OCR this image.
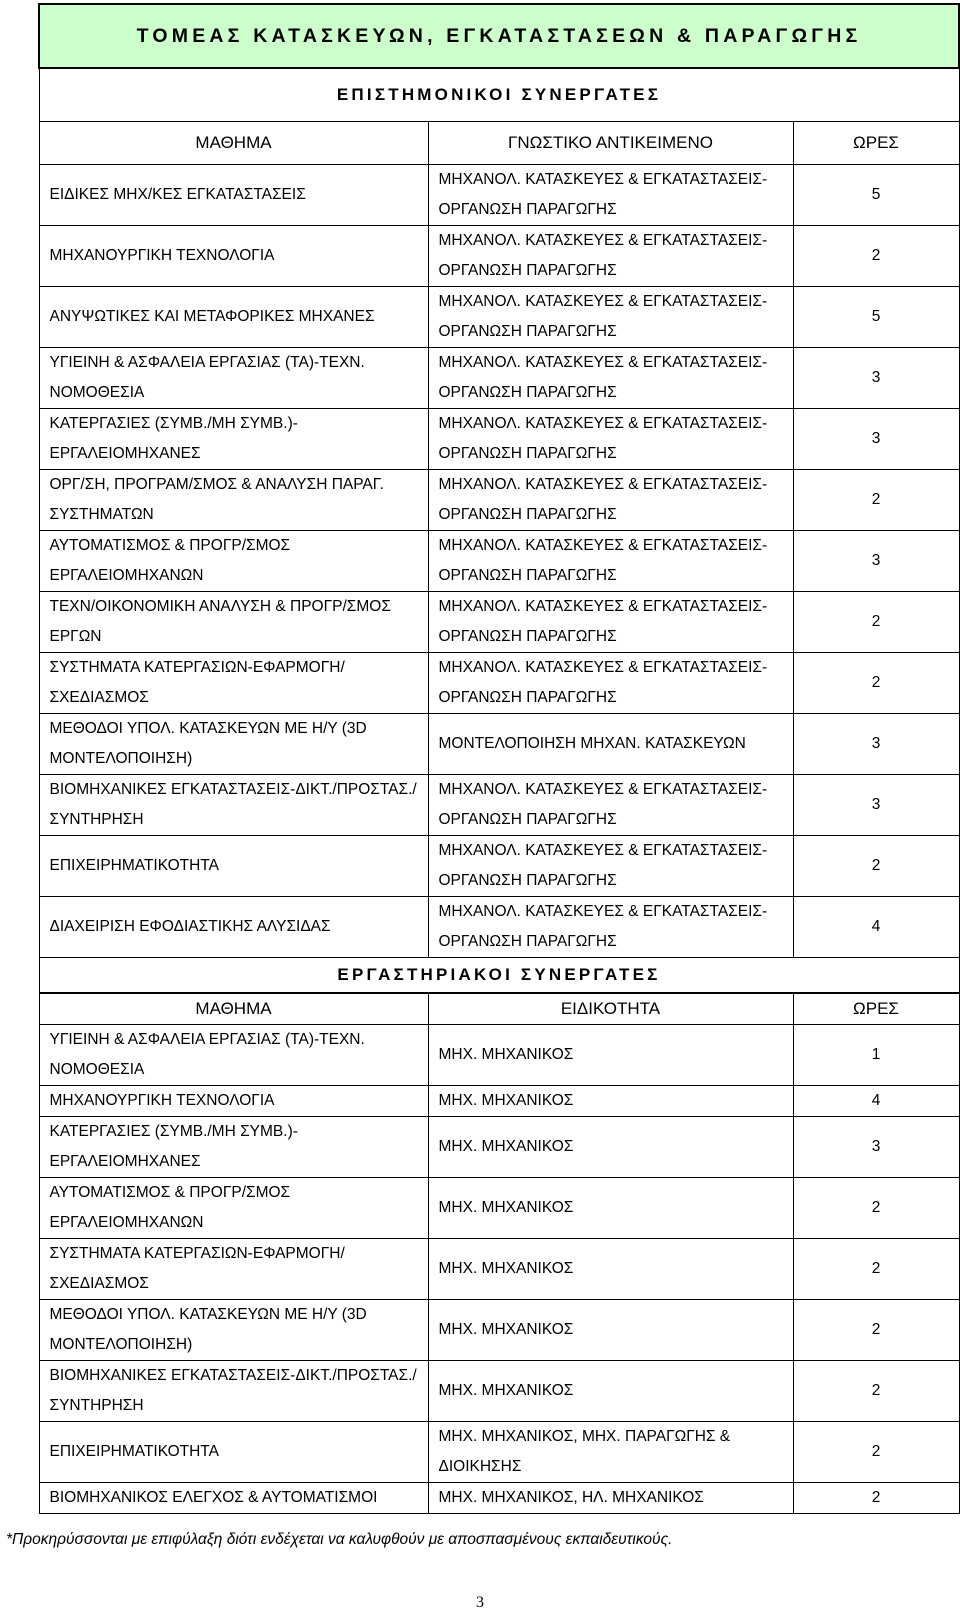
ΤΟΜΕΑΣ ΚΑΤΑΣΚΕΥΩΝ, ΕΓΚΑΤΑΣΤΑΣΕΩΝ & ΠΑΡΑΓΩΓΗΣ		
ΕΠΙΣΤΗΜΟΝΙΚΟΙ ΣΥΝΕΡΓΑΤΕΣ		
ΜΑΘΗΜΑ	ΓΝΩΣΤΙΚΟ ΑΝΤΙΚΕΙΜΕΝΟ	ΩΡΕΣ
ΕΙΔΙΚΕΣ ΜΗΧ/ΚΕΣ ΕΓΚΑΤΑΣΤΑΣΕΙΣ	ΜΗΧΑΝΟΛ. ΚΑΤΑΣΚΕΥΕΣ & ΕΓΚΑΤΑΣΤΑΣΕΙΣ-ΟΡΓΑΝΩΣΗ ΠΑΡΑΓΩΓΗΣ	5
ΜΗΧΑΝΟΥΡΓΙΚΗ ΤΕΧΝΟΛΟΓΙΑ	ΜΗΧΑΝΟΛ. ΚΑΤΑΣΚΕΥΕΣ & ΕΓΚΑΤΑΣΤΑΣΕΙΣ-ΟΡΓΑΝΩΣΗ ΠΑΡΑΓΩΓΗΣ	2
ΑΝΥΨΩΤΙΚΕΣ ΚΑΙ ΜΕΤΑΦΟΡΙΚΕΣ ΜΗΧΑΝΕΣ	ΜΗΧΑΝΟΛ. ΚΑΤΑΣΚΕΥΕΣ & ΕΓΚΑΤΑΣΤΑΣΕΙΣ-ΟΡΓΑΝΩΣΗ ΠΑΡΑΓΩΓΗΣ	5
ΥΓΙΕΙΝΗ & ΑΣΦΑΛΕΙΑ ΕΡΓΑΣΙΑΣ (ΤΑ)-ΤΕΧΝ. ΝΟΜΟΘΕΣΙΑ	ΜΗΧΑΝΟΛ. ΚΑΤΑΣΚΕΥΕΣ & ΕΓΚΑΤΑΣΤΑΣΕΙΣ-ΟΡΓΑΝΩΣΗ ΠΑΡΑΓΩΓΗΣ	3
ΚΑΤΕΡΓΑΣΙΕΣ (ΣΥΜΒ./ΜΗ ΣΥΜΒ.)-ΕΡΓΑΛΕΙΟΜΗΧΑΝΕΣ	ΜΗΧΑΝΟΛ. ΚΑΤΑΣΚΕΥΕΣ & ΕΓΚΑΤΑΣΤΑΣΕΙΣ-ΟΡΓΑΝΩΣΗ ΠΑΡΑΓΩΓΗΣ	3
ΟΡΓ/ΣΗ, ΠΡΟΓΡΑΜ/ΣΜΟΣ & ΑΝΑΛΥΣΗ ΠΑΡΑΓ. ΣΥΣΤΗΜΑΤΩΝ	ΜΗΧΑΝΟΛ. ΚΑΤΑΣΚΕΥΕΣ & ΕΓΚΑΤΑΣΤΑΣΕΙΣ-ΟΡΓΑΝΩΣΗ ΠΑΡΑΓΩΓΗΣ	2
ΑΥΤΟΜΑΤΙΣΜΟΣ & ΠΡΟΓΡ/ΣΜΟΣ ΕΡΓΑΛΕΙΟΜΗΧΑΝΩΝ	ΜΗΧΑΝΟΛ. ΚΑΤΑΣΚΕΥΕΣ & ΕΓΚΑΤΑΣΤΑΣΕΙΣ-ΟΡΓΑΝΩΣΗ ΠΑΡΑΓΩΓΗΣ	3
ΤΕΧΝ/ΟΙΚΟΝΟΜΙΚΗ ΑΝΑΛΥΣΗ & ΠΡΟΓΡ/ΣΜΟΣ ΕΡΓΩΝ	ΜΗΧΑΝΟΛ. ΚΑΤΑΣΚΕΥΕΣ & ΕΓΚΑΤΑΣΤΑΣΕΙΣ-ΟΡΓΑΝΩΣΗ ΠΑΡΑΓΩΓΗΣ	2
ΣΥΣΤΗΜΑΤΑ ΚΑΤΕΡΓΑΣΙΩΝ-ΕΦΑΡΜΟΓΗ/ΣΧΕΔΙΑΣΜΟΣ	ΜΗΧΑΝΟΛ. ΚΑΤΑΣΚΕΥΕΣ & ΕΓΚΑΤΑΣΤΑΣΕΙΣ-ΟΡΓΑΝΩΣΗ ΠΑΡΑΓΩΓΗΣ	2
ΜΕΘΟΔΟΙ ΥΠΟΛ. ΚΑΤΑΣΚΕΥΩΝ ΜΕ Η/Υ (3D ΜΟΝΤΕΛΟΠΟΙΗΣΗ)	ΜΟΝΤΕΛΟΠΟΙΗΣΗ ΜΗΧΑΝ. ΚΑΤΑΣΚΕΥΩΝ	3
ΒΙΟΜΗΧΑΝΙΚΕΣ ΕΓΚΑΤΑΣΤΑΣΕΙΣ-ΔΙΚΤ./ΠΡΟΣΤΑΣ./ΣΥΝΤΗΡΗΣΗ	ΜΗΧΑΝΟΛ. ΚΑΤΑΣΚΕΥΕΣ & ΕΓΚΑΤΑΣΤΑΣΕΙΣ-ΟΡΓΑΝΩΣΗ ΠΑΡΑΓΩΓΗΣ	3
ΕΠΙΧΕΙΡΗΜΑΤΙΚΟΤΗΤΑ	ΜΗΧΑΝΟΛ. ΚΑΤΑΣΚΕΥΕΣ & ΕΓΚΑΤΑΣΤΑΣΕΙΣ-ΟΡΓΑΝΩΣΗ ΠΑΡΑΓΩΓΗΣ	2
ΔΙΑΧΕΙΡΙΣΗ ΕΦΟΔΙΑΣΤΙΚΗΣ ΑΛΥΣΙΔΑΣ	ΜΗΧΑΝΟΛ. ΚΑΤΑΣΚΕΥΕΣ & ΕΓΚΑΤΑΣΤΑΣΕΙΣ-ΟΡΓΑΝΩΣΗ ΠΑΡΑΓΩΓΗΣ	4
ΕΡΓΑΣΤΗΡΙΑΚΟΙ ΣΥΝΕΡΓΑΤΕΣ		
ΜΑΘΗΜΑ	ΕΙΔΙΚΟΤΗΤΑ	ΩΡΕΣ
ΥΓΙΕΙΝΗ & ΑΣΦΑΛΕΙΑ ΕΡΓΑΣΙΑΣ (ΤΑ)-ΤΕΧΝ. ΝΟΜΟΘΕΣΙΑ	ΜΗΧ. ΜΗΧΑΝΙΚΟΣ	1
ΜΗΧΑΝΟΥΡΓΙΚΗ ΤΕΧΝΟΛΟΓΙΑ	ΜΗΧ. ΜΗΧΑΝΙΚΟΣ	4
ΚΑΤΕΡΓΑΣΙΕΣ (ΣΥΜΒ./ΜΗ ΣΥΜΒ.)-ΕΡΓΑΛΕΙΟΜΗΧΑΝΕΣ	ΜΗΧ. ΜΗΧΑΝΙΚΟΣ	3
ΑΥΤΟΜΑΤΙΣΜΟΣ & ΠΡΟΓΡ/ΣΜΟΣ ΕΡΓΑΛΕΙΟΜΗΧΑΝΩΝ	ΜΗΧ. ΜΗΧΑΝΙΚΟΣ	2
ΣΥΣΤΗΜΑΤΑ ΚΑΤΕΡΓΑΣΙΩΝ-ΕΦΑΡΜΟΓΗ/ΣΧΕΔΙΑΣΜΟΣ	ΜΗΧ. ΜΗΧΑΝΙΚΟΣ	2
ΜΕΘΟΔΟΙ ΥΠΟΛ. ΚΑΤΑΣΚΕΥΩΝ ΜΕ Η/Υ (3D ΜΟΝΤΕΛΟΠΟΙΗΣΗ)	ΜΗΧ. ΜΗΧΑΝΙΚΟΣ	2
ΒΙΟΜΗΧΑΝΙΚΕΣ ΕΓΚΑΤΑΣΤΑΣΕΙΣ-ΔΙΚΤ./ΠΡΟΣΤΑΣ./ΣΥΝΤΗΡΗΣΗ	ΜΗΧ. ΜΗΧΑΝΙΚΟΣ	2
ΕΠΙΧΕΙΡΗΜΑΤΙΚΟΤΗΤΑ	ΜΗΧ. ΜΗΧΑΝΙΚΟΣ, ΜΗΧ. ΠΑΡΑΓΩΓΗΣ & ΔΙΟΙΚΗΣΗΣ	2
ΒΙΟΜΗΧΑΝΙΚΟΣ ΕΛΕΓΧΟΣ & ΑΥΤΟΜΑΤΙΣΜΟΙ	ΜΗΧ. ΜΗΧΑΝΙΚΟΣ, ΗΛ. ΜΗΧΑΝΙΚΟΣ	2
*Προκηρύσσονται με επιφύλαξη διότι ενδέχεται να καλυφθούν με αποσπασμένους εκπαιδευτικούς.
3
